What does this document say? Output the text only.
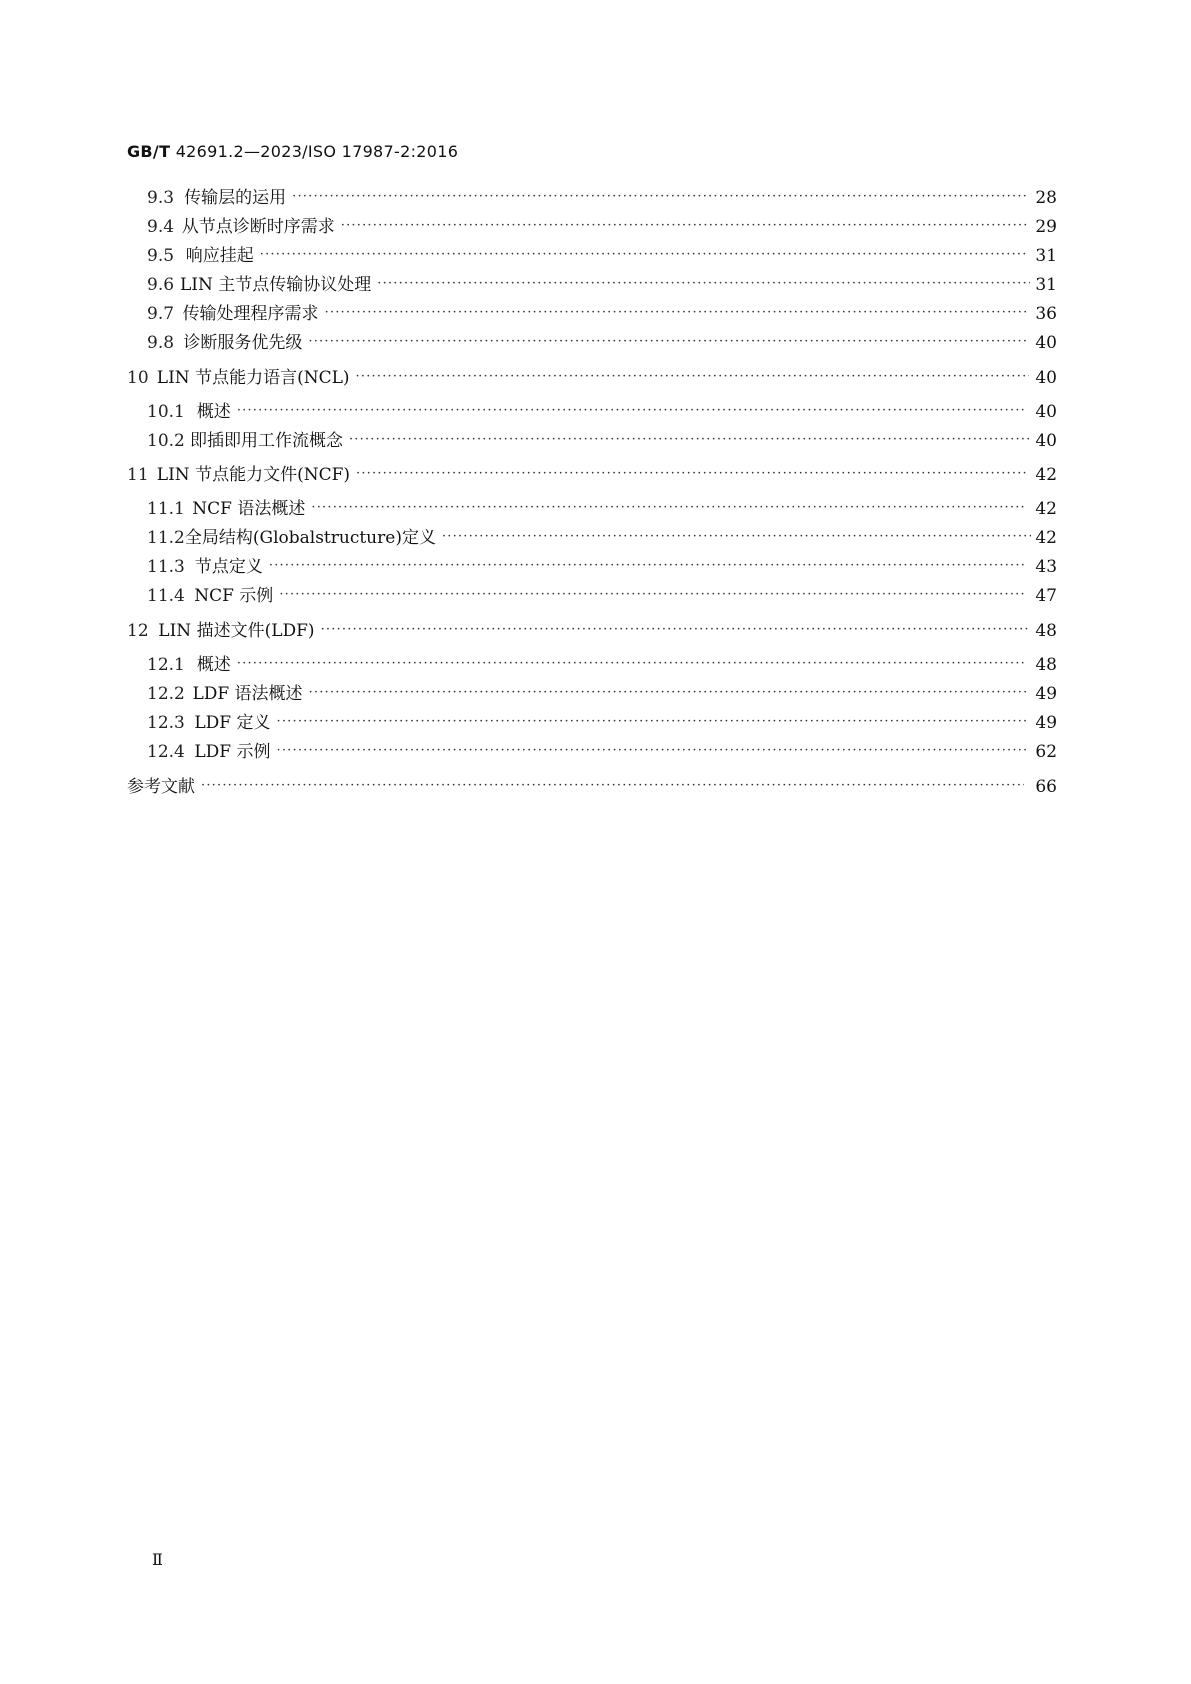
GB/T 42691.2—2023/ISO 17987-2:2016
9.3 传输层的运用 ·····	28
9.4 从节点诊断时序需求 ·····	29
9.5 响应挂起 ·····	31
9.6 LIN 主节点传输协议处理 ·····	31
9.7 传输处理程序需求 ·····	36
9.8 诊断服务优先级 ·····	40
10 LIN 节点能力语言(NCL) ·····	40
10.1 概述 ·····	40
10.2 即插即用工作流概念 ·····	40
11 LIN 节点能力文件(NCF) ·····	42
11.1 NCF 语法概述 ·····	42
11.2 全局结构(Globalstructure)定义 ·····	42
11.3 节点定义 ·····	43
11.4 NCF 示例 ·····	47
12 LIN 描述文件(LDF) ·····	48
12.1 概述 ·····	48
12.2 LDF 语法概述 ·····	49
12.3 LDF 定义 ·····	49
12.4 LDF 示例 ·····	62
参考文献 ·····	66
Ⅱ
